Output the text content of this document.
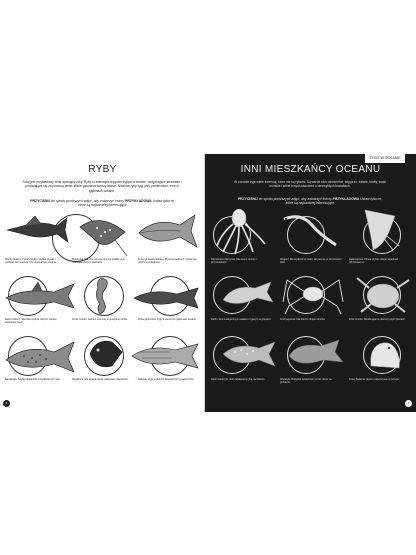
RYBY
Tutaj jest przykładowy tekst opisujący ryby. Ryby to zwierzęta kręgowe żyjące w wodzie, oddychające skrzelami i poruszające się za pomocą płetw. Wiele gatunków tworzy ławice. Niektóre ryby żyją przy powierzchni, inne w głębinach oceanu.
PRZYCISNIJ do spodu poniższych zdjęć, aby zobaczyć kolory PRZYKŁADOWA Ustaw tylko te, które są najbardziej interesujące
Marlin błękitny. Potrafi bardzo szybko pływać i polować na mniejsze ryby w otwartym oceanie.
Płaszczka orla. Porusza się płynnie wzdłuż dna, machając dużymi płetwami.
Tuńczyk błękitnopłetwy. Pływa w ławicach i pokonuje ogromne odległości.
Rekin żarłacz. Ma kilka rzędów ostrych zębów i doskonały węch.
Konik morski. Samiec nosi ikrę w specjalnej torbie.	Ryba głębinowa. Żyje w ciemnych głębinach oceanu.
Barrakuda. Szybki drapieżnik o wydłużonym ciele.	Rogatnica. Ma twardą skórę i jaskrawe ubarwienie.	Makrela. Żyje w dużych ławicach przy powierzchni.
6
ŻYCIE W OCEANIE
INNI MIESZKAŃCY OCEANU
W oceanie żyje wiele zwierząt, które nie są rybami. Są wśród nich ośmiornice, węgorze, żółwie, kraby, ssaki morskie i wiele innych stworzeń o niezwykłych kształtach.
PRZYCISNIJ do spodu poniższych zdjęć, aby zobaczyć kolory PRZYKŁADOWA Ustaw tylko te, które są najbardziej interesujące
Ośmiornica olbrzymia. Ma osiem ramion z przyssawkami.
Węgorz. Ma wydłużone ciało i ukrywa się w szczelinach skał.
Kałamarnica. Pływa szybko dzięki napędowi odrzutowemu.
Delfin. Jest inteligentnym ssakiem żyjącym w grupach.	Krab japoński. Ma bardzo długie odnóża.	Żółw morski. Składa jaja na piaszczystych plażach.
Rekin wielorybi. Jest największą rybą na świecie.	Wieloryb. Oddycha powietrzem przez otwór na grzbiecie.
Foka. Świetnie pływa i odpoczywa na brzegu.
7
